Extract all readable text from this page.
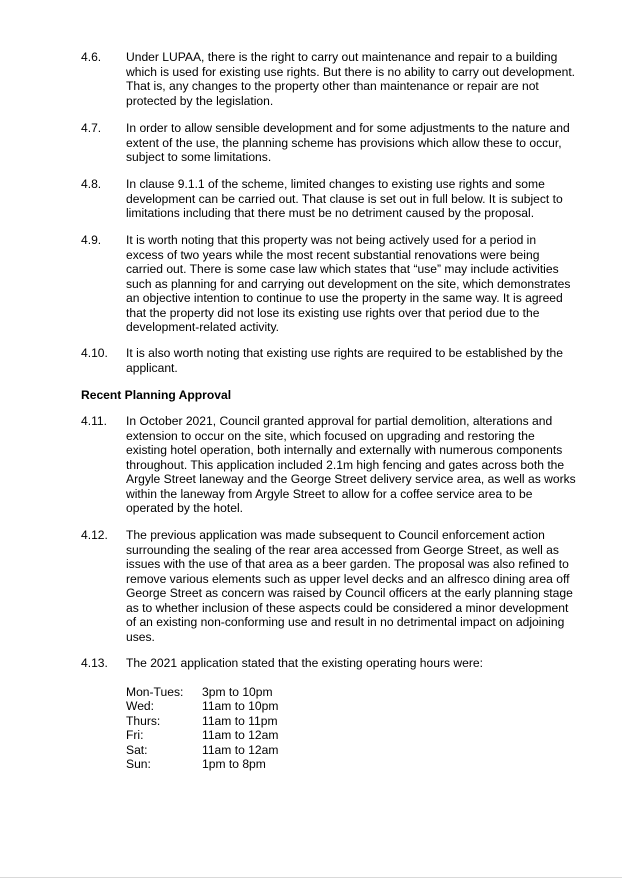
4.6.	Under LUPAA, there is the right to carry out maintenance and repair to a building which is used for existing use rights. But there is no ability to carry out development. That is, any changes to the property other than maintenance or repair are not protected by the legislation.
4.7.	In order to allow sensible development and for some adjustments to the nature and extent of the use, the planning scheme has provisions which allow these to occur, subject to some limitations.
4.8.	In clause 9.1.1 of the scheme, limited changes to existing use rights and some development can be carried out. That clause is set out in full below. It is subject to limitations including that there must be no detriment caused by the proposal.
4.9.	It is worth noting that this property was not being actively used for a period in excess of two years while the most recent substantial renovations were being carried out. There is some case law which states that “use” may include activities such as planning for and carrying out development on the site, which demonstrates an objective intention to continue to use the property in the same way. It is agreed that the property did not lose its existing use rights over that period due to the development-related activity.
4.10.	It is also worth noting that existing use rights are required to be established by the applicant.
Recent Planning Approval
4.11.	In October 2021, Council granted approval for partial demolition, alterations and extension to occur on the site, which focused on upgrading and restoring the existing hotel operation, both internally and externally with numerous components throughout. This application included 2.1m high fencing and gates across both the Argyle Street laneway and the George Street delivery service area, as well as works within the laneway from Argyle Street to allow for a coffee service area to be operated by the hotel.
4.12.	The previous application was made subsequent to Council enforcement action surrounding the sealing of the rear area accessed from George Street, as well as issues with the use of that area as a beer garden. The proposal was also refined to remove various elements such as upper level decks and an alfresco dining area off George Street as concern was raised by Council officers at the early planning stage as to whether inclusion of these aspects could be considered a minor development of an existing non-conforming use and result in no detrimental impact on adjoining uses.
4.13.	The 2021 application stated that the existing operating hours were:
Mon-Tues:	3pm to 10pm
Wed:	11am to 10pm
Thurs:	11am to 11pm
Fri:	11am to 12am
Sat:	11am to 12am
Sun:	1pm to 8pm
